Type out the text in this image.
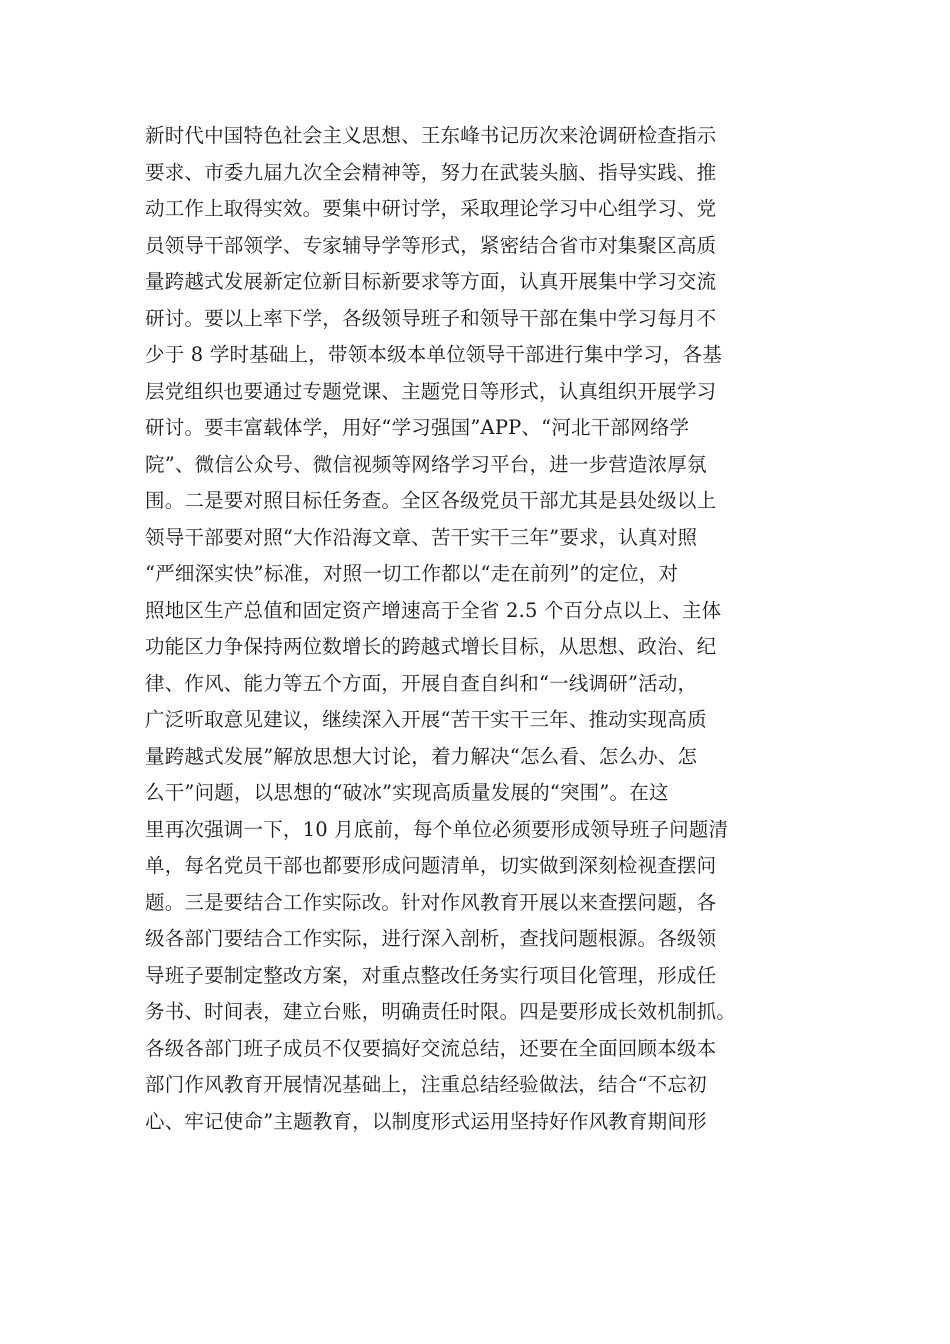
新时代中国特色社会主义思想、王东峰书记历次来沧调研检查指示
要求、市委九届九次全会精神等，努力在武装头脑、指导实践、推
动工作上取得实效。要集中研讨学，采取理论学习中心组学习、党
员领导干部领学、专家辅导学等形式，紧密结合省市对集聚区高质
量跨越式发展新定位新目标新要求等方面，认真开展集中学习交流
研讨。要以上率下学，各级领导班子和领导干部在集中学习每月不
少于 8 学时基础上，带领本级本单位领导干部进行集中学习，各基
层党组织也要通过专题党课、主题党日等形式，认真组织开展学习
研讨。要丰富载体学，用好“学习强国”APP、“河北干部网络学
院”、微信公众号、微信视频等网络学习平台，进一步营造浓厚氛
围。二是要对照目标任务查。全区各级党员干部尤其是县处级以上
领导干部要对照“大作沿海文章、苦干实干三年”要求，认真对照
“严细深实快”标准，对照一切工作都以“走在前列”的定位，对
照地区生产总值和固定资产增速高于全省 2.5 个百分点以上、主体
功能区力争保持两位数增长的跨越式增长目标，从思想、政治、纪
律、作风、能力等五个方面，开展自查自纠和“一线调研”活动，
广泛听取意见建议，继续深入开展“苦干实干三年、推动实现高质
量跨越式发展”解放思想大讨论，着力解决“怎么看、怎么办、怎
么干”问题，以思想的“破冰”实现高质量发展的“突围”。在这
里再次强调一下，10 月底前，每个单位必须要形成领导班子问题清
单，每名党员干部也都要形成问题清单，切实做到深刻检视查摆问
题。三是要结合工作实际改。针对作风教育开展以来查摆问题，各
级各部门要结合工作实际，进行深入剖析，查找问题根源。各级领
导班子要制定整改方案，对重点整改任务实行项目化管理，形成任
务书、时间表，建立台账，明确责任时限。四是要形成长效机制抓。
各级各部门班子成员不仅要搞好交流总结，还要在全面回顾本级本
部门作风教育开展情况基础上，注重总结经验做法，结合“不忘初
心、牢记使命”主题教育，以制度形式运用坚持好作风教育期间形
